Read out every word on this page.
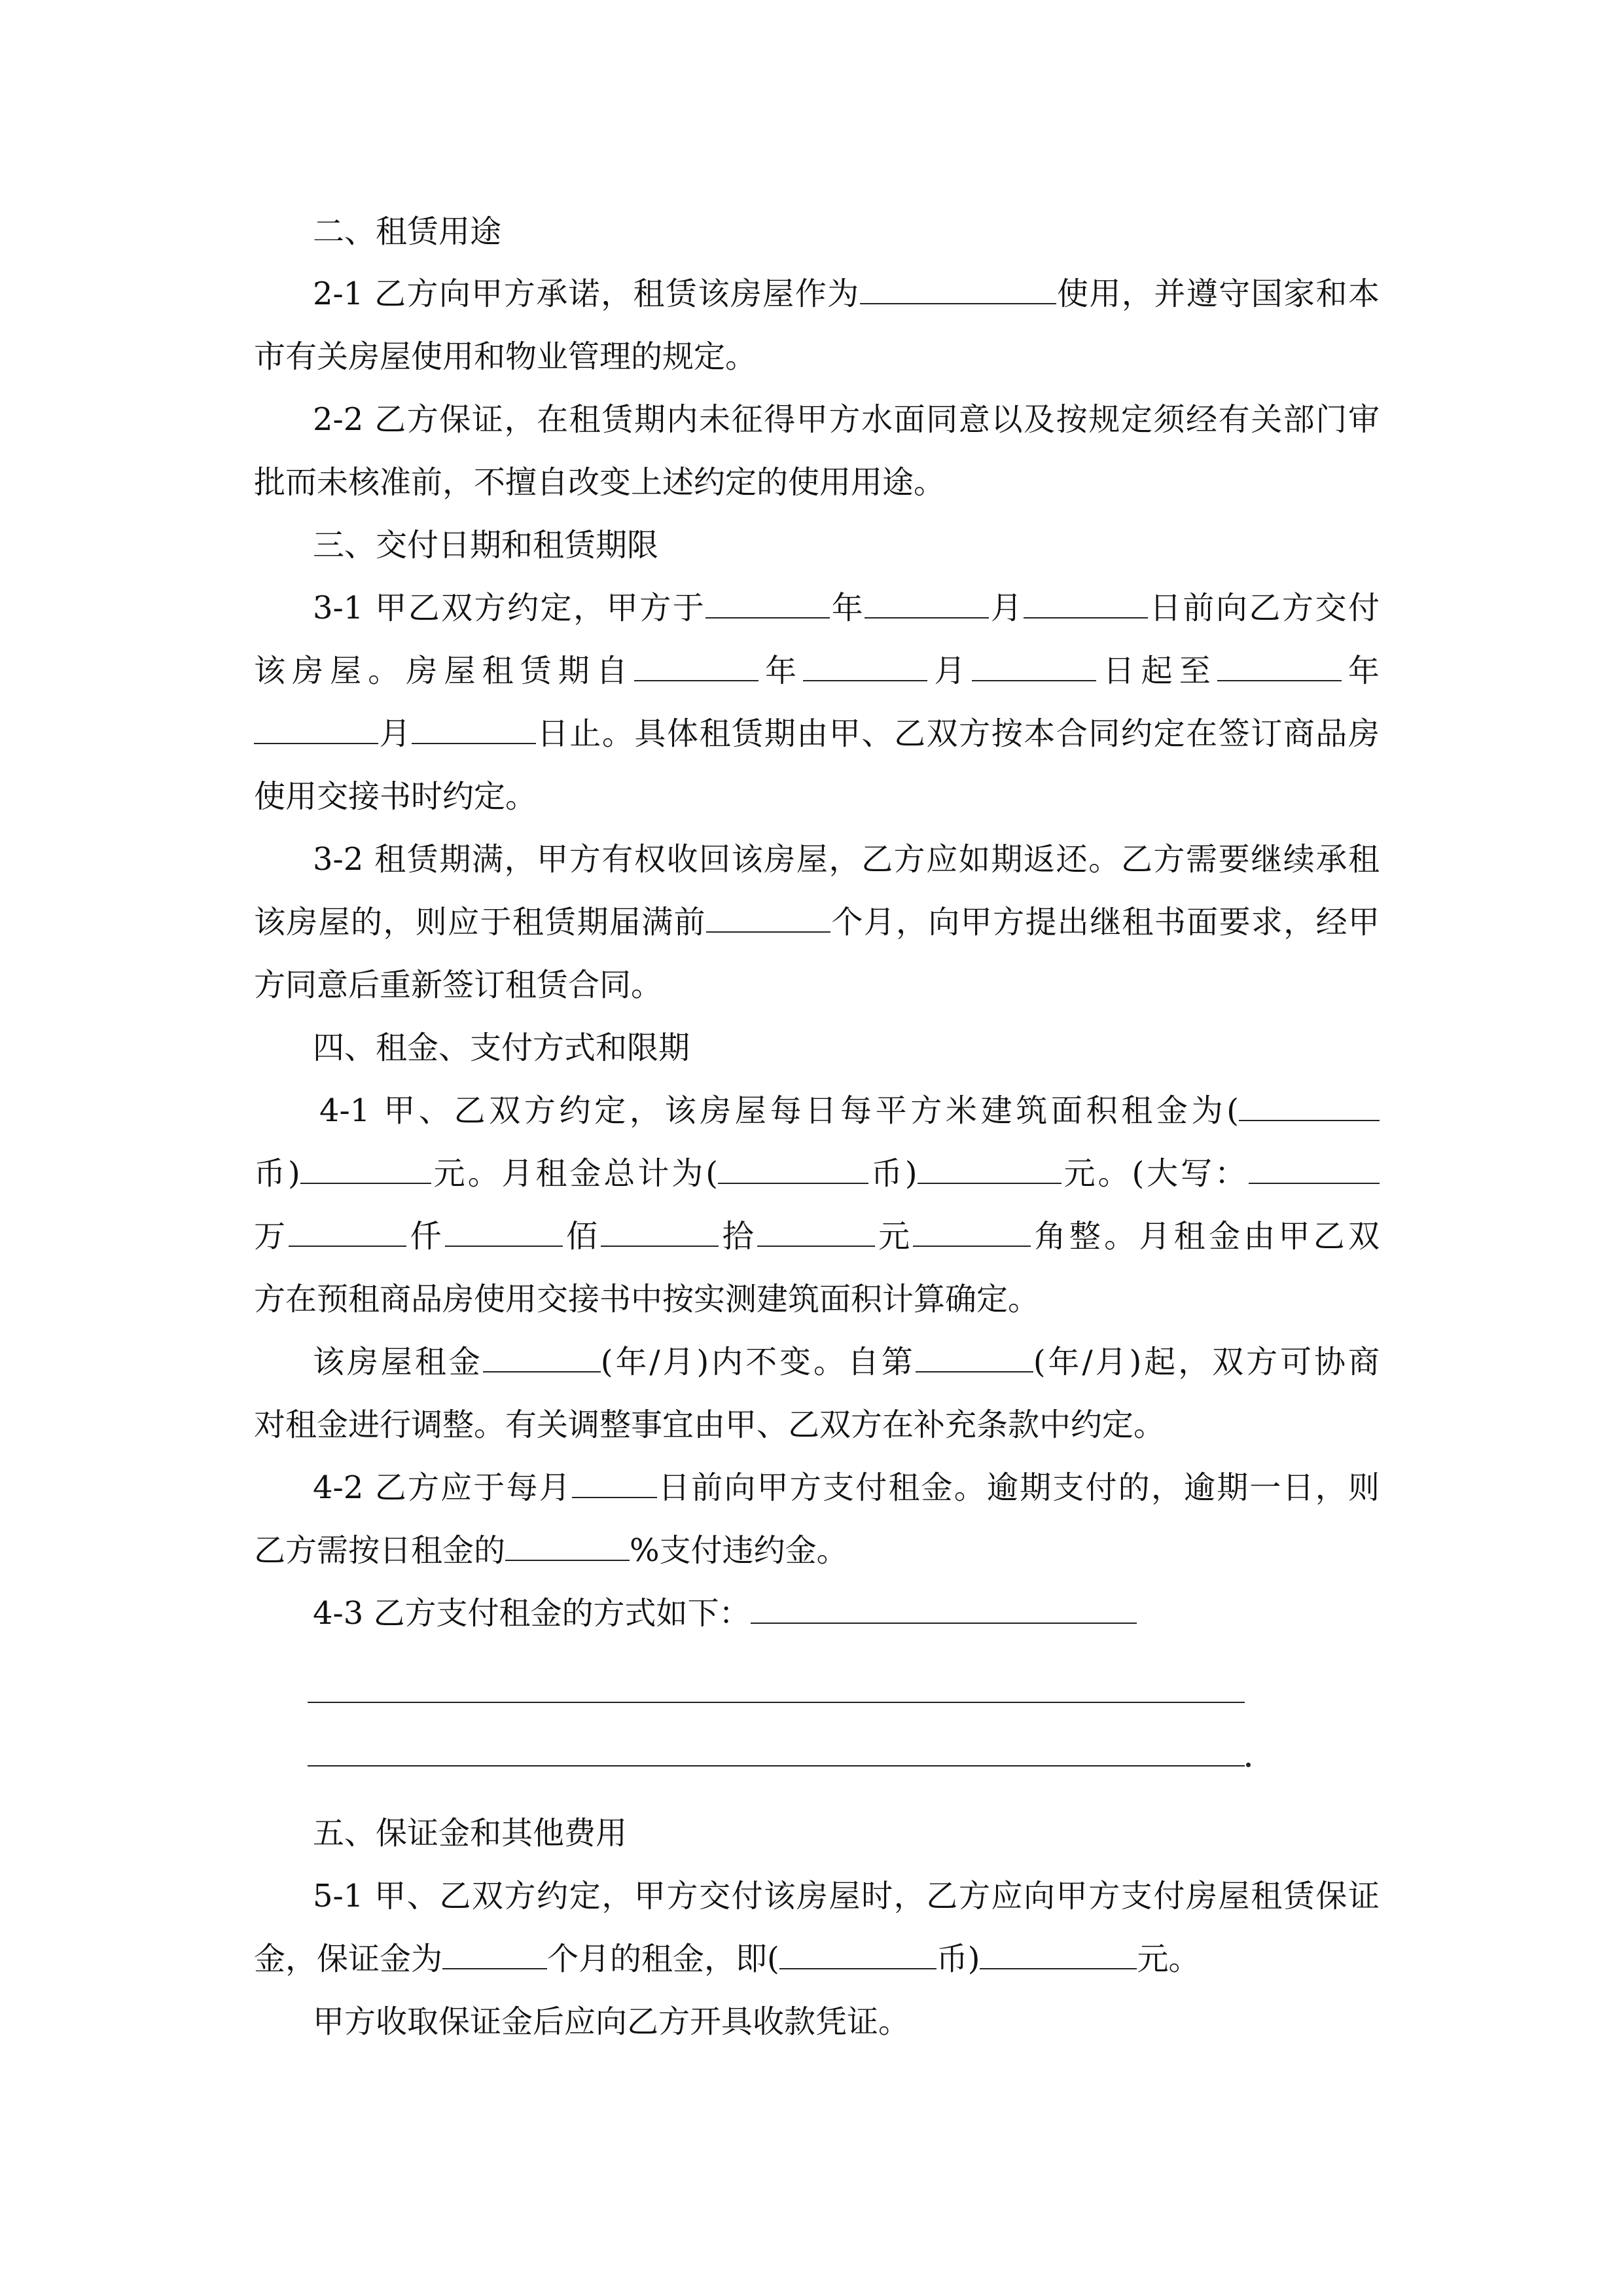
二、租赁用途
2-1 乙方向甲方承诺，租赁该房屋作为	使用，并遵守国家和本
市有关房屋使用和物业管理的规定。
2-2 乙方保证，在租赁期内未征得甲方水面同意以及按规定须经有关部门审
批而未核准前，不擅自改变上述约定的使用用途。
三、交付日期和租赁期限
3-1 甲乙双方约定，甲方于	年	月	日前向乙方交付
该房屋。房屋租赁期自	年	月	日起至	年
月	日止。具体租赁期由甲、乙双方按本合同约定在签订商品房
使用交接书时约定。
3-2 租赁期满，甲方有权收回该房屋，乙方应如期返还。乙方需要继续承租
该房屋的，则应于租赁期届满前	个月，向甲方提出继租书面要求，经甲
方同意后重新签订租赁合同。
四、租金、支付方式和限期
4-1 甲、乙双方约定，该房屋每日每平方米建筑面积租金为(
币)	元。月租金总计为(	币)	元。(大写：
万	仟	佰	拾	元	角整。月租金由甲乙双
方在预租商品房使用交接书中按实测建筑面积计算确定。
该房屋租金	(年/月)内不变。自第	(年/月)起，双方可协商
对租金进行调整。有关调整事宜由甲、乙双方在补充条款中约定。
4-2 乙方应于每月	日前向甲方支付租金。逾期支付的，逾期一日，则
乙方需按日租金的	%支付违约金。
4-3 乙方支付租金的方式如下：
五、保证金和其他费用
5-1 甲、乙双方约定，甲方交付该房屋时，乙方应向甲方支付房屋租赁保证
金，保证金为	个月的租金，即(	币)	元。
甲方收取保证金后应向乙方开具收款凭证。
